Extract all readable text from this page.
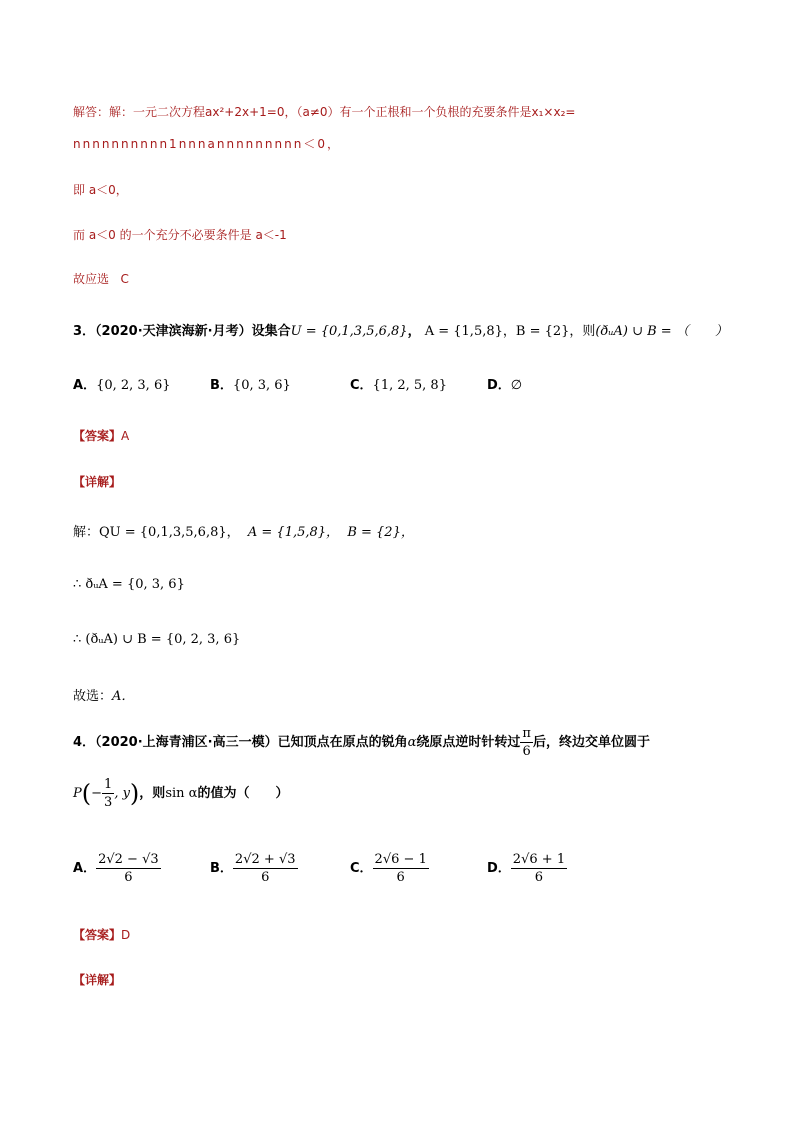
解答：解：一元二次方程ax²+2x+1=0，（a≠0）有一个正根和一个负根的充要条件是x₁×x₂=
nnnnnnnnnn1nnnannnnnnnnn＜0，
即 a＜0，
而 a＜0 的一个充分不必要条件是 a＜-1
故应选 C
3．（2020·天津滨海新·月考）设集合U = {0,1,3,5,6,8}， A = {1,5,8}，B = {2}，则(ðᵤA) ∪ B = （　　）
A．{0, 2, 3, 6}	B．{0, 3, 6}	C．{1, 2, 5, 8}	D．∅
【答案】A
【详解】
解：QU = {0,1,3,5,6,8}， A = {1,5,8}， B = {2}，
∴ ðᵤA = {0, 3, 6}
∴ (ðᵤA) ∪ B = {0, 2, 3, 6}
故选：A．
4．（2020·上海青浦区·高三一模）已知顶点在原点的锐角α绕原点逆时针转过 $\frac{\pi}{6}$ 后，终边交单位圆于
$P(- \frac{1}{3}$ , y)，则sin α的值为（　　）
A． $\frac{2√2 - √3}{6}$	B． $\frac{2√2 + √3}{6}$	C． $\frac{2√6 - 1}{6}$	D． $\frac{2√6 + 1}{6}$
【答案】D
【详解】
